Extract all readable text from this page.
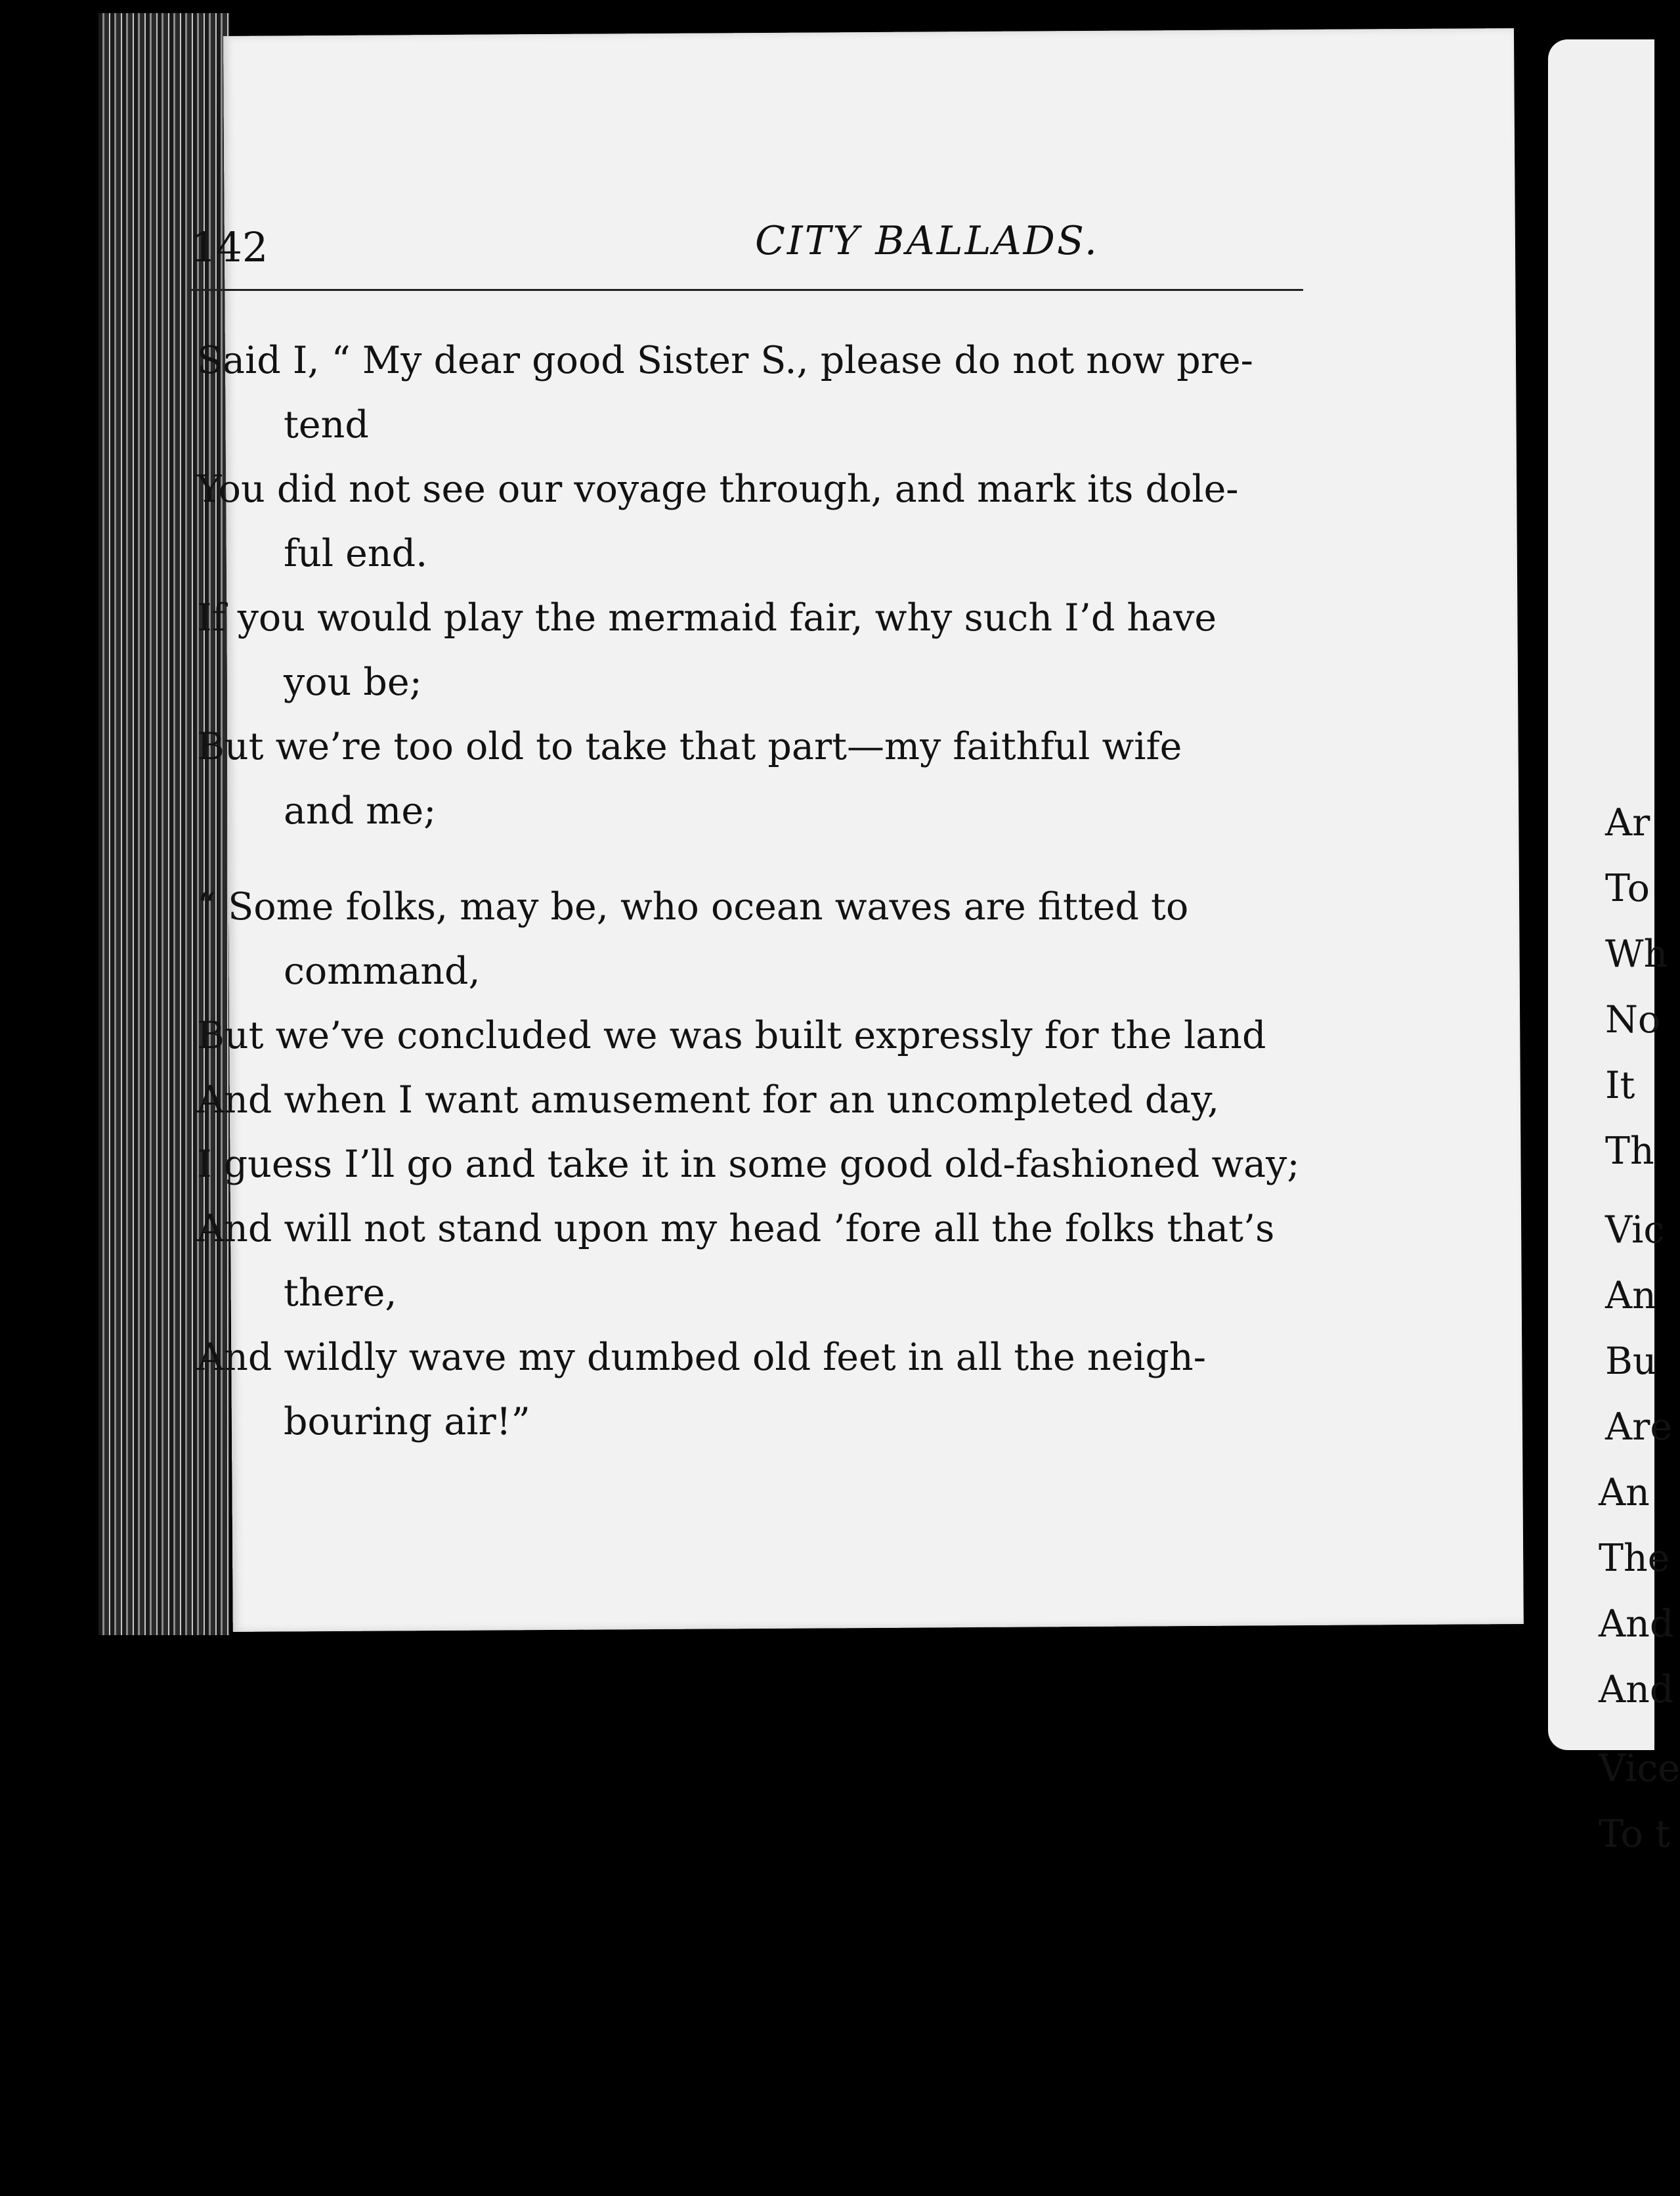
142	CITY BALLADS.
Said I, “ My dear good Sister S., please do not now pre-
tend
You did not see our voyage through, and mark its dole-
ful end.
If you would play the mermaid fair, why such I’d have
you be;
But we’re too old to take that part—my faithful wife
and me;
“ Some folks, may be, who ocean waves are fitted to
command,
But we’ve concluded we was built expressly for the land
And when I want amusement for an uncompleted day,
I guess I’ll go and take it in some good old-fashioned way;
And will not stand upon my head ’fore all the folks that’s
there,
And wildly wave my dumbed old feet in all the neigh-
bouring air!”
Ar
To
Wh
No
It
Th
Vic
An
Bu
Are
An
The
And
And
Vice
To t
